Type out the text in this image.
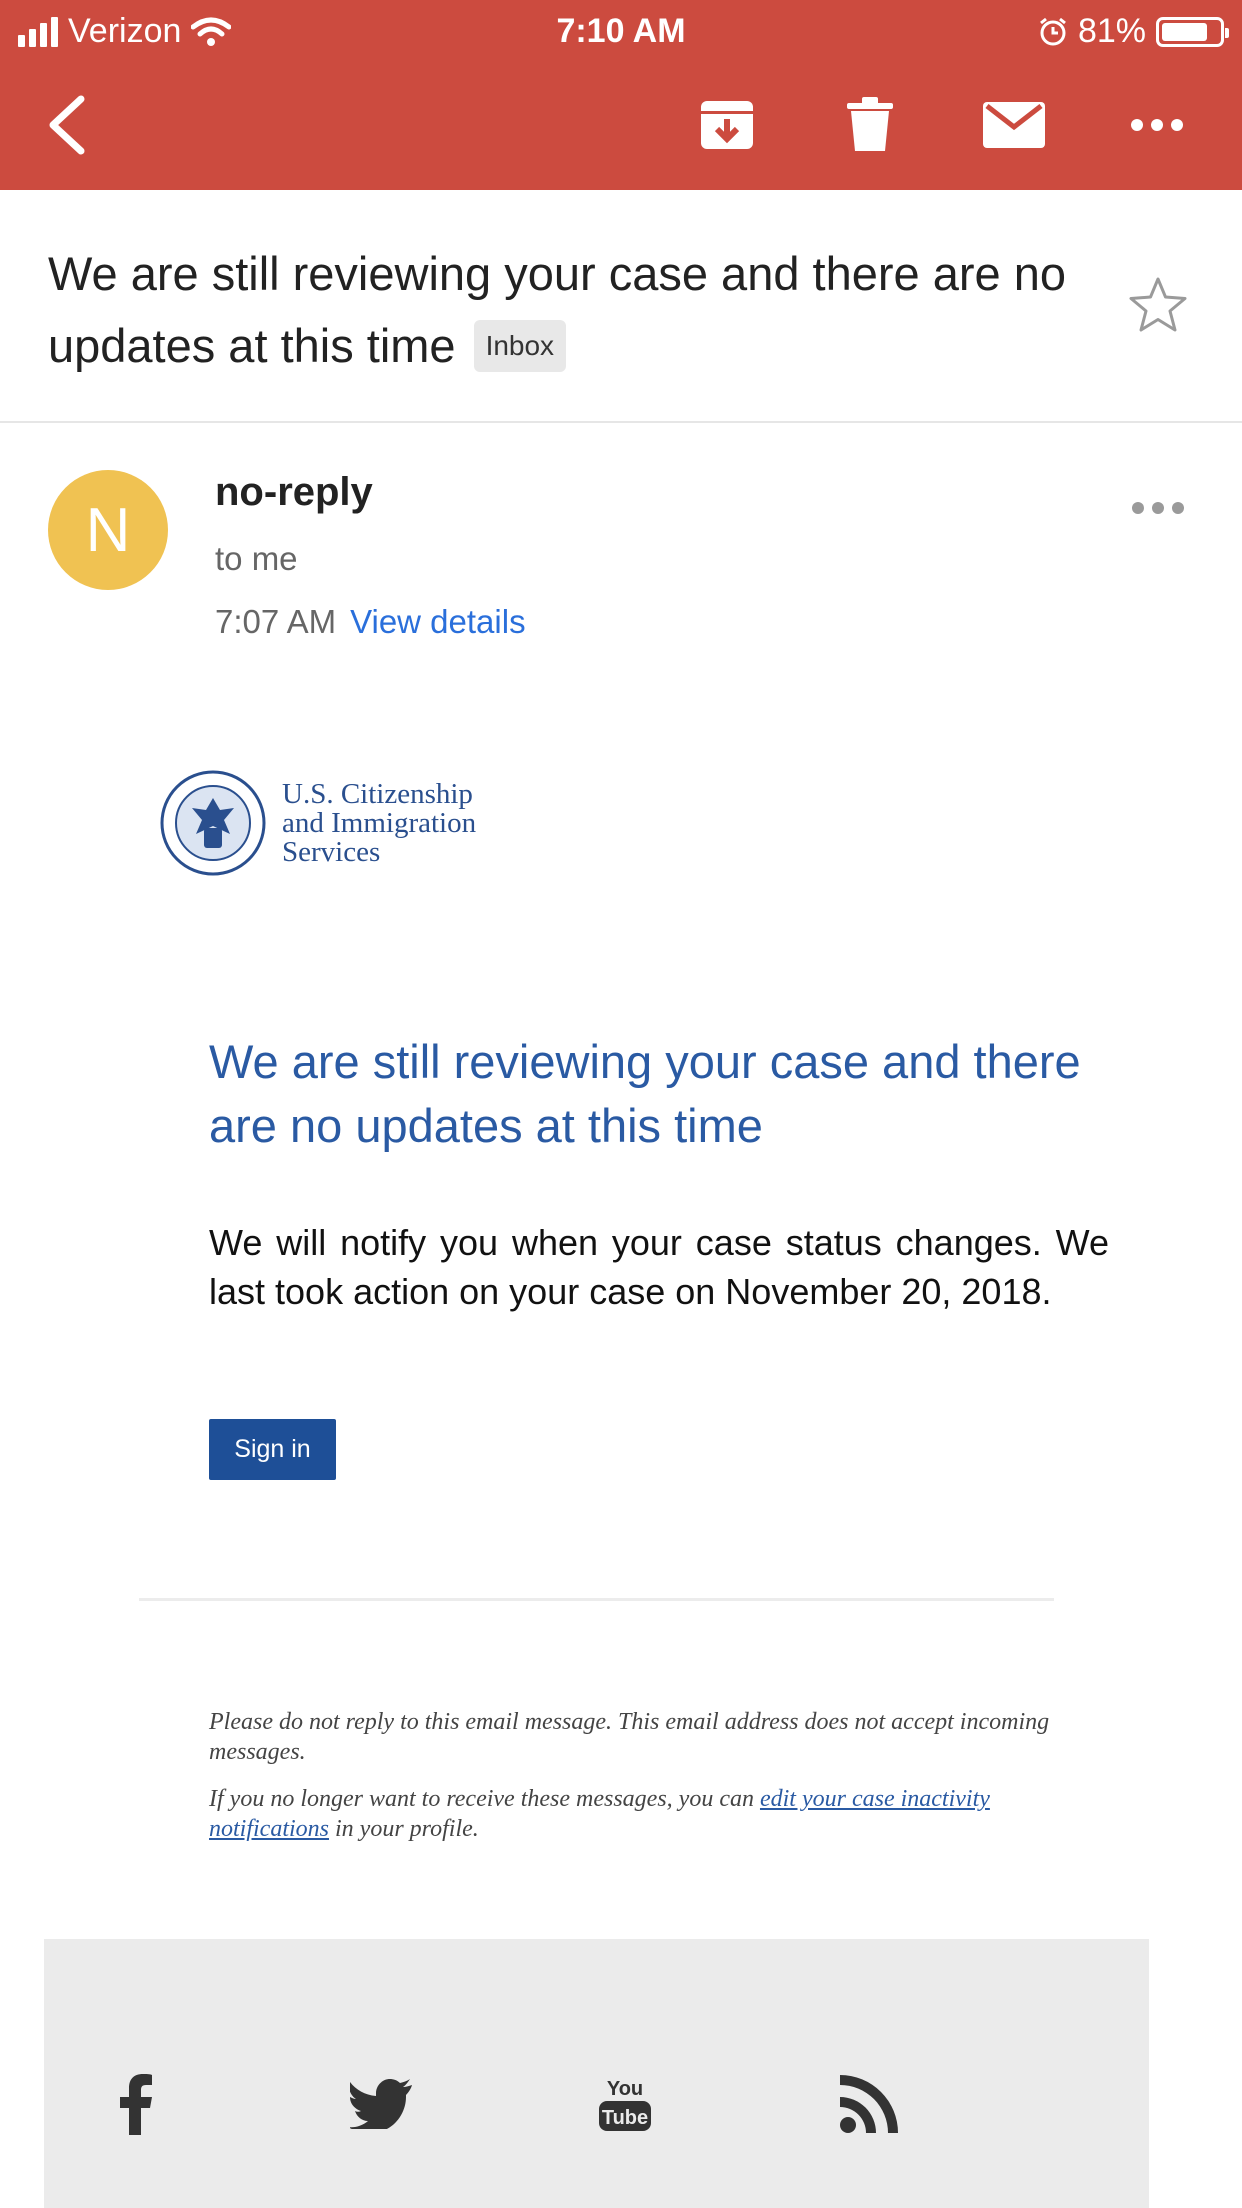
Verizon	7:10 AM	81%
We are still reviewing your case and there are no updates at this time Inbox
N
no-reply
to me
7:07 AM View details
U.S. Citizenship
and Immigration
Services
We are still reviewing your case and there are no updates at this time
We will notify you when your case status changes. We last took action on your case on November 20, 2018.
Sign in
Please do not reply to this email message. This email address does not accept incoming messages.
If you no longer want to receive these messages, you can edit your case inactivity notifications in your profile.
You
Tube
